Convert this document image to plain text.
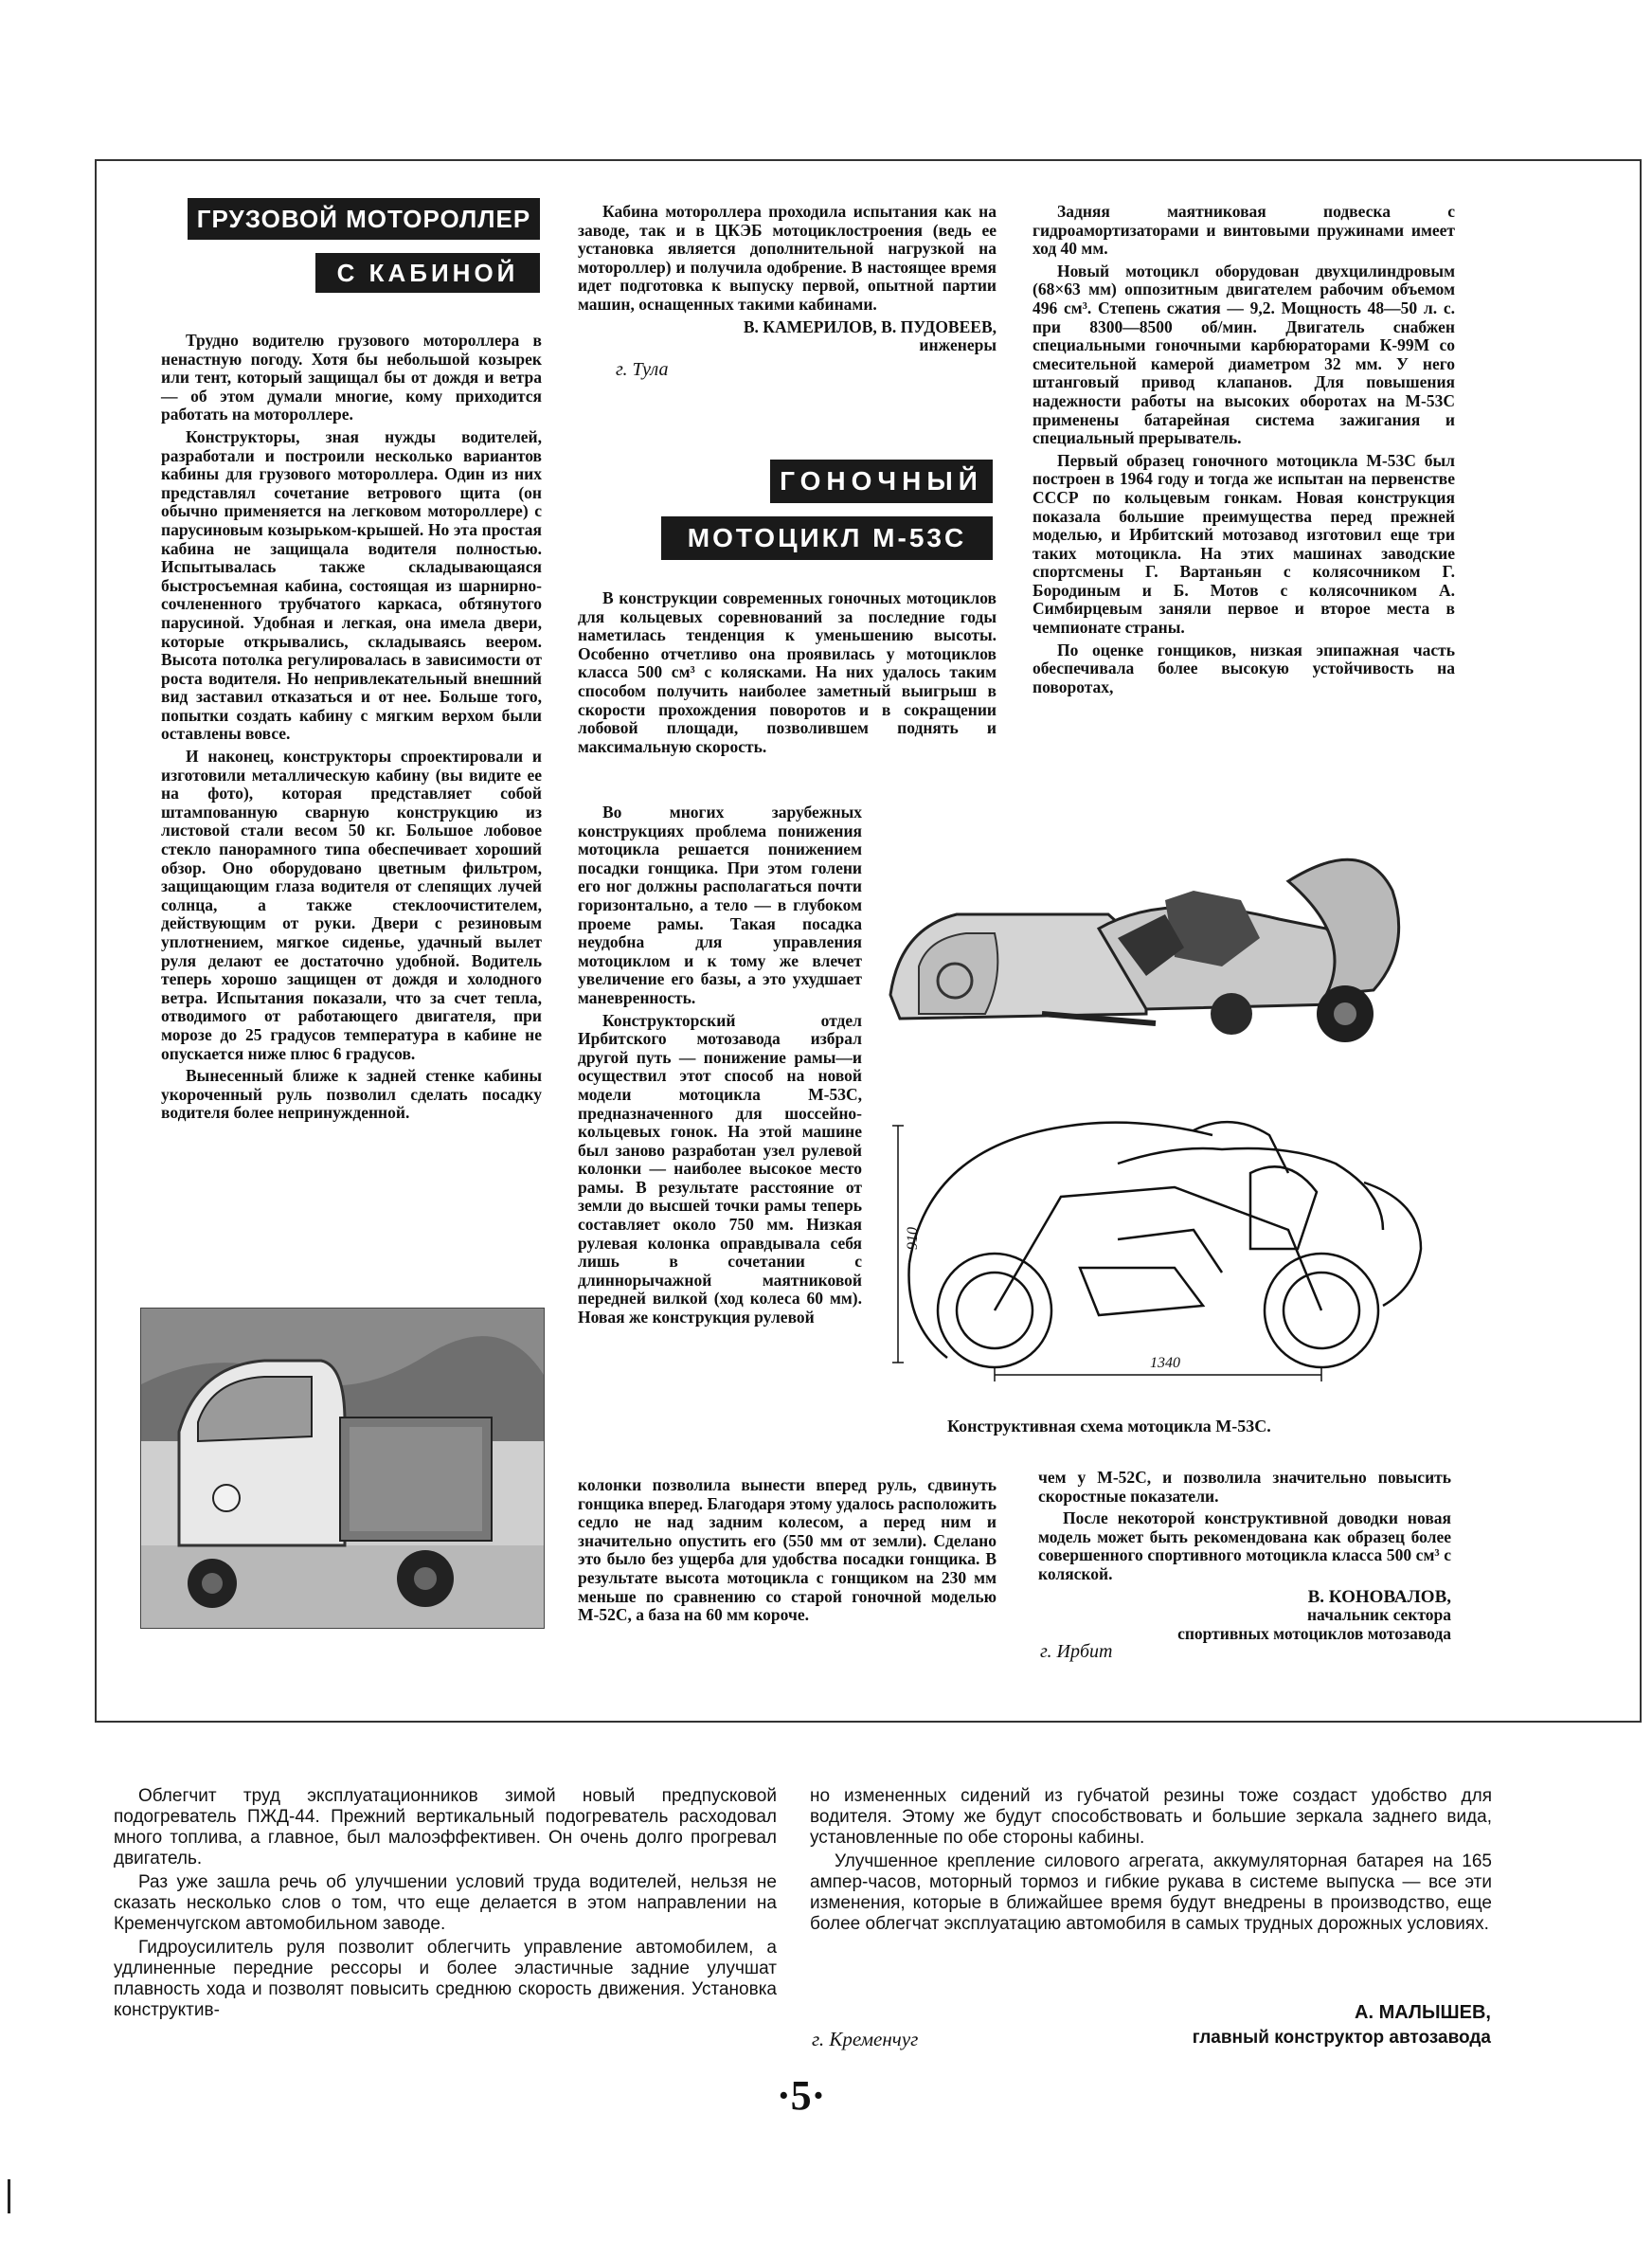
ГРУЗОВОЙ МОТОРОЛЛЕР
С КАБИНОЙ

Трудно водителю грузового мотороллера в ненастную погоду. Хотя бы небольшой козырек или тент, который защищал бы от дождя и ветра — об этом думали многие, кому приходится работать на мотороллере.

Конструкторы, зная нужды водителей, разработали и построили несколько вариантов кабины для грузового мотороллера. Один из них представлял сочетание ветрового щита (он обычно применяется на легковом мотороллере) с парусиновым козырьком-крышей. Но эта простая кабина не защищала водителя полностью. Испытывалась также складывающаяся быстросъемная кабина, состоящая из шарнирно-сочлененного трубчатого каркаса, обтянутого парусиной. Удобная и легкая, она имела двери, которые открывались, складываясь веером. Высота потолка регулировалась в зависимости от роста водителя. Но непривлекательный внешний вид заставил отказаться и от нее. Больше того, попытки создать кабину с мягким верхом были оставлены вовсе.

И наконец, конструкторы спроектировали и изготовили металлическую кабину (вы видите ее на фото), которая представляет собой штампованную сварную конструкцию из листовой стали весом 50 кг. Большое лобовое стекло панорамного типа обеспечивает хороший обзор. Оно оборудовано цветным фильтром, защищающим глаза водителя от слепящих лучей солнца, а также стеклоочистителем, действующим от руки. Двери с резиновым уплотнением, мягкое сиденье, удачный вылет руля делают ее достаточно удобной. Водитель теперь хорошо защищен от дождя и холодного ветра. Испытания показали, что за счет тепла, отводимого от работающего двигателя, при морозе до 25 градусов температура в кабине не опускается ниже плюс 6 градусов.

Вынесенный ближе к задней стенке кабины укороченный руль позволил сделать посадку водителя более непринужденной.

Кабина мотороллера проходила испытания как на заводе, так и в ЦКЭБ мотоциклостроения (ведь ее установка является дополнительной нагрузкой на мотороллер) и получила одобрение. В настоящее время идет подготовка к выпуску первой, опытной партии машин, оснащенных такими кабинами.

В. КАМЕРИЛОВ, В. ПУДОВЕЕВ,
инженеры
г. Тула
ГОНОЧНЫЙ
МОТОЦИКЛ М-53С

В конструкции современных гоночных мотоциклов для кольцевых соревнований за последние годы наметилась тенденция к уменьшению высоты. Особенно отчетливо она проявилась у мотоциклов класса 500 см³ с колясками. На них удалось таким способом получить наиболее заметный выигрыш в скорости прохождения поворотов и в сокращении лобовой площади, позволившем поднять и максимальную скорость.

Во многих зарубежных конструкциях проблема понижения мотоцикла решается понижением посадки гонщика. При этом голени его ног должны располагаться почти горизонтально, а тело — в глубоком проеме рамы. Такая посадка неудобна для управления мотоциклом и к тому же влечет увеличение его базы, а это ухудшает маневренность.

Конструкторский отдел Ирбитского мотозавода избрал другой путь — понижение рамы—и осуществил этот способ на новой модели мотоцикла М-53С, предназначенного для шоссейно-кольцевых гонок. На этой машине был заново разработан узел рулевой колонки — наиболее высокое место рамы. В результате расстояние от земли до высшей точки рамы теперь составляет около 750 мм. Низкая рулевая колонка оправдывала себя лишь в сочетании с длиннорычажной маятниковой передней вилкой (ход колеса 60 мм). Новая же конструкция рулевой

колонки позволила вынести вперед руль, сдвинуть гонщика вперед. Благодаря этому удалось расположить седло не над задним колесом, а перед ним и значительно опустить его (550 мм от земли). Сделано это было без ущерба для удобства посадки гонщика. В результате высота мотоцикла с гонщиком на 230 мм меньше по сравнению со старой гоночной моделью М-52С, а база на 60 мм короче.

Задняя маятниковая подвеска с гидроамортизаторами и винтовыми пружинами имеет ход 40 мм.

Новый мотоцикл оборудован двухцилиндровым (68×63 мм) оппозитным двигателем рабочим объемом 496 см³. Степень сжатия — 9,2. Мощность 48—50 л. с. при 8300—8500 об/мин. Двигатель снабжен специальными гоночными карбюраторами К-99М со смесительной камерой диаметром 32 мм. У него штанговый привод клапанов. Для повышения надежности работы на высоких оборотах на М-53С применены батарейная система зажигания и специальный прерыватель.

Первый образец гоночного мотоцикла М-53С был построен в 1964 году и тогда же испытан на первенстве СССР по кольцевым гонкам. Новая конструкция показала большие преимущества перед прежней моделью, и Ирбитский мотозавод изготовил еще три таких мотоцикла. На этих машинах заводские спортсмены Г. Вартаньян с колясочником Г. Бородиным и Б. Мотов с колясочником А. Симбирцевым заняли первое и второе места в чемпионате страны.

По оценке гонщиков, низкая эпипажная часть обеспечивала более высокую устойчивость на поворотах,

910
1340
Конструктивная схема мотоцикла М-53С.

чем у М-52С, и позволила значительно повысить скоростные показатели.

После некоторой конструктивной доводки новая модель может быть рекомендована как образец более совершенного спортивного мотоцикла класса 500 см³ с коляской.

В. КОНОВАЛОВ,
начальник сектора
спортивных мотоциклов мотозавода
г. Ирбит

Облегчит труд эксплуатационников зимой новый предпусковой подогреватель ПЖД-44. Прежний вертикальный подогреватель расходовал много топлива, а главное, был малоэффективен. Он очень долго прогревал двигатель.

Раз уже зашла речь об улучшении условий труда водителей, нельзя не сказать несколько слов о том, что еще делается в этом направлении на Кременчугском автомобильном заводе.

Гидроусилитель руля позволит облегчить управление автомобилем, а удлиненные передние рессоры и более эластичные задние улучшат плавность хода и позволят повысить среднюю скорость движения. Установка конструктив-

но измененных сидений из губчатой резины тоже создаст удобство для водителя. Этому же будут способствовать и большие зеркала заднего вида, установленные по обе стороны кабины.

Улучшенное крепление силового агрегата, аккумуляторная батарея на 165 ампер-часов, моторный тормоз и гибкие рукава в системе выпуска — все эти изменения, которые в ближайшее время будут внедрены в производство, еще более облегчат эксплуатацию автомобиля в самых трудных дорожных условиях.

А. МАЛЫШЕВ,
г. Кременчуг	главный конструктор автозавода
·5·
